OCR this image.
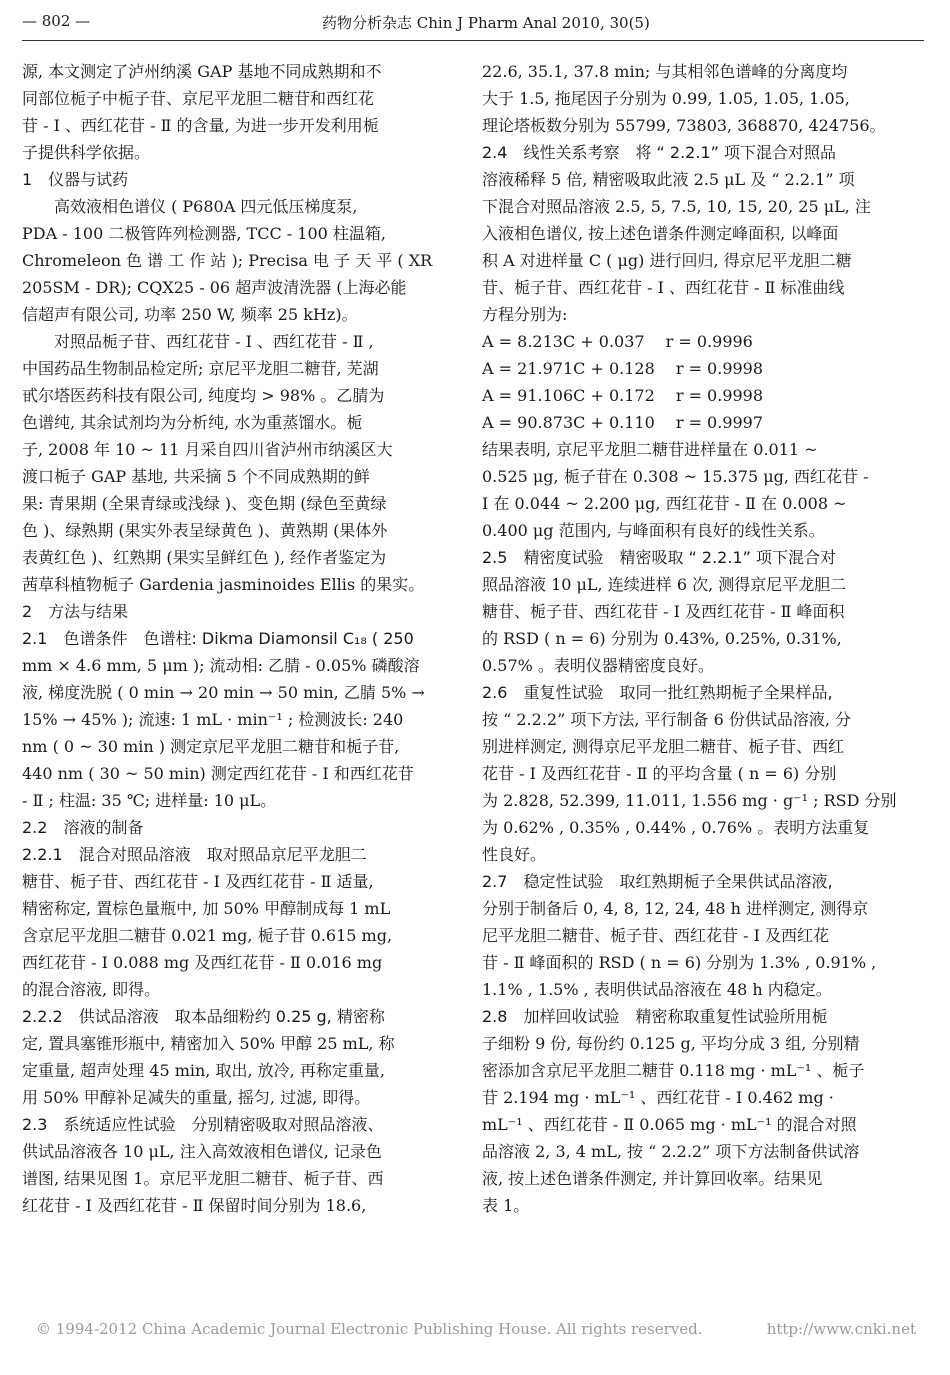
— 802 —	药物分析杂志 Chin J Pharm Anal 2010, 30(5)
源, 本文测定了泸州纳溪 GAP 基地不同成熟期和不
同部位栀子中栀子苷、京尼平龙胆二糖苷和西红花
苷 - Ⅰ 、西红花苷 - Ⅱ 的含量, 为进一步开发利用栀
子提供科学依据。
1　仪器与试药
　　高效液相色谱仪 ( P680A 四元低压梯度泵,
PDA - 100 二极管阵列检测器, TCC - 100 柱温箱,
Chromeleon 色 谱 工 作 站 ); Precisa 电 子 天 平 ( XR
205SM - DR); CQX25 - 06 超声波清洗器 (上海必能
信超声有限公司, 功率 250 W, 频率 25 kHz)。
　　对照品栀子苷、西红花苷 - Ⅰ 、西红花苷 - Ⅱ ,
中国药品生物制品检定所; 京尼平龙胆二糖苷, 芜湖
甙尔塔医药科技有限公司, 纯度均 > 98% 。乙腈为
色谱纯, 其余试剂均为分析纯, 水为重蒸馏水。栀
子, 2008 年 10 ~ 11 月采自四川省泸州市纳溪区大
渡口栀子 GAP 基地, 共采摘 5 个不同成熟期的鲜
果: 青果期 (全果青绿或浅绿 )、变色期 (绿色至黄绿
色 )、绿熟期 (果实外表呈绿黄色 )、黄熟期 (果体外
表黄红色 )、红熟期 (果实呈鲜红色 ), 经作者鉴定为
茜草科植物栀子 Gardenia jasminoides Ellis 的果实。
2　方法与结果
2.1　色谱条件　色谱柱: Dikma Diamonsil C₁₈ ( 250
mm × 4.6 mm, 5 μm ); 流动相: 乙腈 - 0.05% 磷酸溶
液, 梯度洗脱 ( 0 min → 20 min → 50 min, 乙腈 5% →
15% → 45% ); 流速: 1 mL · min⁻¹ ; 检测波长: 240
nm ( 0 ~ 30 min ) 测定京尼平龙胆二糖苷和栀子苷,
440 nm ( 30 ~ 50 min) 测定西红花苷 - Ⅰ 和西红花苷
- Ⅱ ; 柱温: 35 ℃; 进样量: 10 μL。
2.2　溶液的制备
2.2.1　混合对照品溶液　取对照品京尼平龙胆二
糖苷、栀子苷、西红花苷 - Ⅰ 及西红花苷 - Ⅱ 适量,
精密称定, 置棕色量瓶中, 加 50% 甲醇制成每 1 mL
含京尼平龙胆二糖苷 0.021 mg, 栀子苷 0.615 mg,
西红花苷 - Ⅰ 0.088 mg 及西红花苷 - Ⅱ 0.016 mg
的混合溶液, 即得。
2.2.2　供试品溶液　取本品细粉约 0.25 g, 精密称
定, 置具塞锥形瓶中, 精密加入 50% 甲醇 25 mL, 称
定重量, 超声处理 45 min, 取出, 放冷, 再称定重量,
用 50% 甲醇补足减失的重量, 摇匀, 过滤, 即得。
2.3　系统适应性试验　分别精密吸取对照品溶液、
供试品溶液各 10 μL, 注入高效液相色谱仪, 记录色
谱图, 结果见图 1。京尼平龙胆二糖苷、栀子苷、西
红花苷 - Ⅰ 及西红花苷 - Ⅱ 保留时间分别为 18.6,
22.6, 35.1, 37.8 min; 与其相邻色谱峰的分离度均
大于 1.5, 拖尾因子分别为 0.99, 1.05, 1.05, 1.05,
理论塔板数分别为 55799, 73803, 368870, 424756。
2.4　线性关系考察　将 “ 2.2.1” 项下混合对照品
溶液稀释 5 倍, 精密吸取此液 2.5 μL 及 “ 2.2.1” 项
下混合对照品溶液 2.5, 5, 7.5, 10, 15, 20, 25 μL, 注
入液相色谱仪, 按上述色谱条件测定峰面积, 以峰面
积 A 对进样量 C ( μg) 进行回归, 得京尼平龙胆二糖
苷、栀子苷、西红花苷 - Ⅰ 、西红花苷 - Ⅱ 标准曲线
方程分别为:
A = 8.213C + 0.037　 r = 0.9996
A = 21.971C + 0.128　 r = 0.9998
A = 91.106C + 0.172　 r = 0.9998
A = 90.873C + 0.110　 r = 0.9997
结果表明, 京尼平龙胆二糖苷进样量在 0.011 ~
0.525 μg, 栀子苷在 0.308 ~ 15.375 μg, 西红花苷 -
Ⅰ 在 0.044 ~ 2.200 μg, 西红花苷 - Ⅱ 在 0.008 ~
0.400 μg 范围内, 与峰面积有良好的线性关系。
2.5　精密度试验　精密吸取 “ 2.2.1” 项下混合对
照品溶液 10 μL, 连续进样 6 次, 测得京尼平龙胆二
糖苷、栀子苷、西红花苷 - Ⅰ 及西红花苷 - Ⅱ 峰面积
的 RSD ( n = 6) 分别为 0.43%, 0.25%, 0.31%,
0.57% 。表明仪器精密度良好。
2.6　重复性试验　取同一批红熟期栀子全果样品,
按 “ 2.2.2” 项下方法, 平行制备 6 份供试品溶液, 分
别进样测定, 测得京尼平龙胆二糖苷、栀子苷、西红
花苷 - Ⅰ 及西红花苷 - Ⅱ 的平均含量 ( n = 6) 分别
为 2.828, 52.399, 11.011, 1.556 mg · g⁻¹ ; RSD 分别
为 0.62% , 0.35% , 0.44% , 0.76% 。表明方法重复
性良好。
2.7　稳定性试验　取红熟期栀子全果供试品溶液,
分别于制备后 0, 4, 8, 12, 24, 48 h 进样测定, 测得京
尼平龙胆二糖苷、栀子苷、西红花苷 - Ⅰ 及西红花
苷 - Ⅱ 峰面积的 RSD ( n = 6) 分别为 1.3% , 0.91% ,
1.1% , 1.5% , 表明供试品溶液在 48 h 内稳定。
2.8　加样回收试验　精密称取重复性试验所用栀
子细粉 9 份, 每份约 0.125 g, 平均分成 3 组, 分别精
密添加含京尼平龙胆二糖苷 0.118 mg · mL⁻¹ 、栀子
苷 2.194 mg · mL⁻¹ 、西红花苷 - Ⅰ 0.462 mg ·
mL⁻¹ 、西红花苷 - Ⅱ 0.065 mg · mL⁻¹ 的混合对照
品溶液 2, 3, 4 mL, 按 “ 2.2.2” 项下方法制备供试溶
液, 按上述色谱条件测定, 并计算回收率。结果见
表 1。
© 1994-2012 China Academic Journal Electronic Publishing House. All rights reserved.	http://www.cnki.net
